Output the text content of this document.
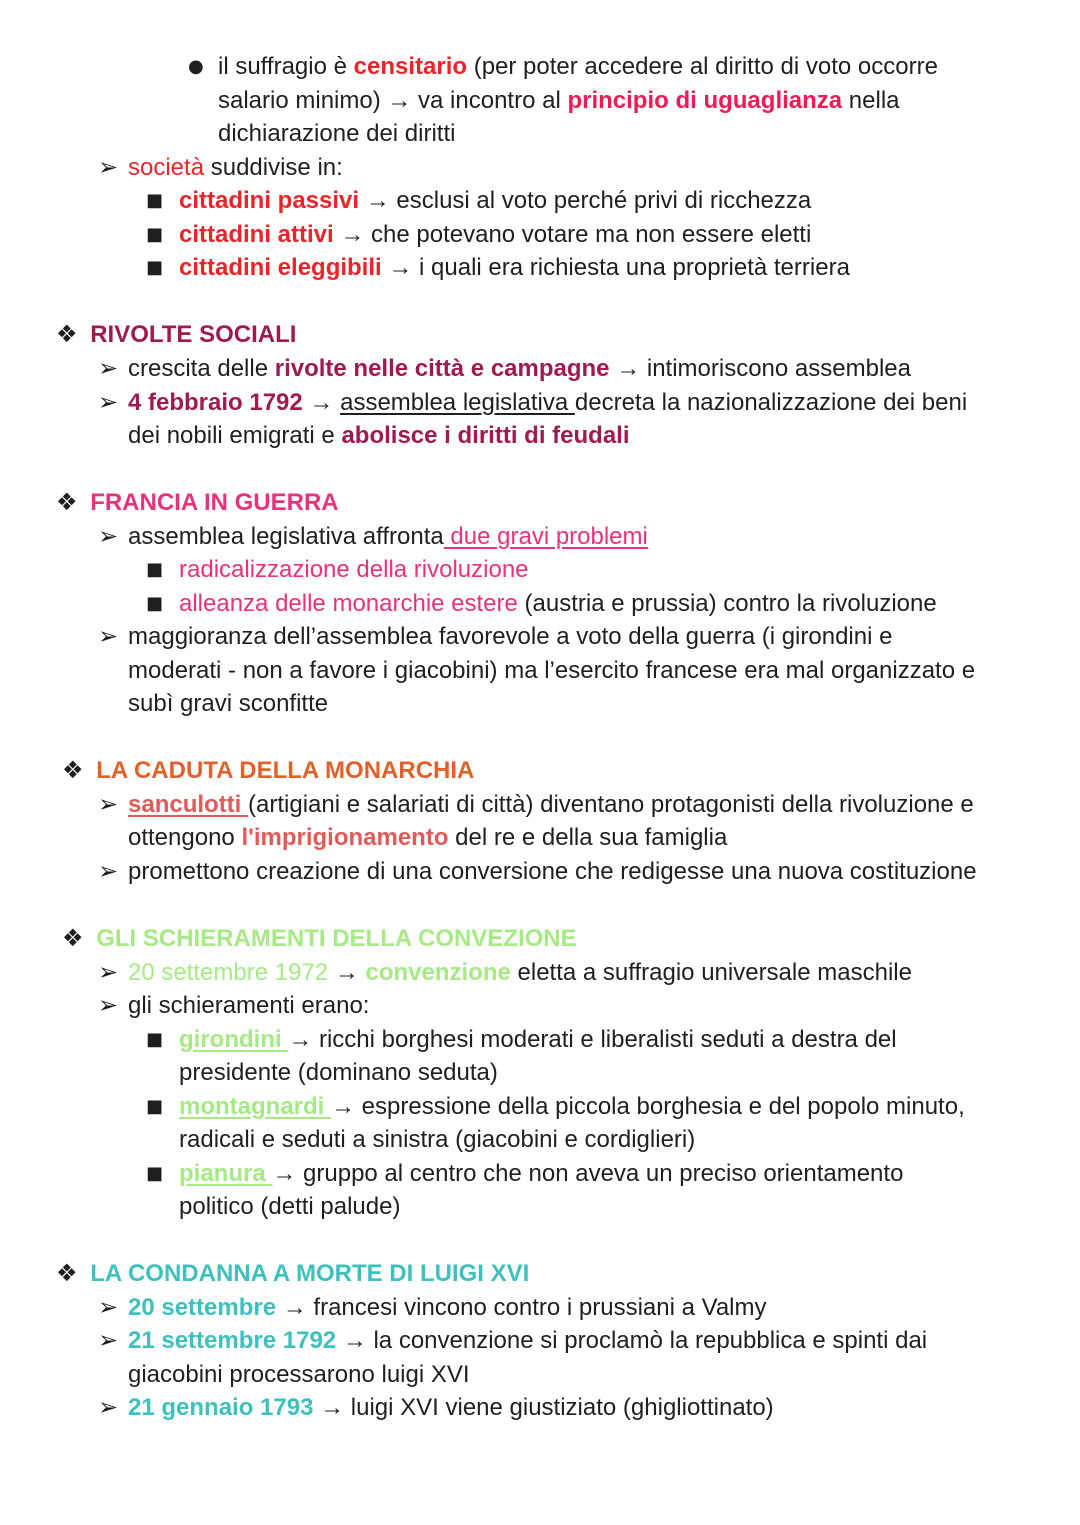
● il suffragio è censitario (per poter accedere al diritto di voto occorre
salario minimo) → va incontro al principio di uguaglianza nella
dichiarazione dei diritti
➢ società suddivise in:
■ cittadini passivi → esclusi al voto perché privi di ricchezza
■ cittadini attivi → che potevano votare ma non essere eletti
■ cittadini eleggibili → i quali era richiesta una proprietà terriera
❖ RIVOLTE SOCIALI
➢ crescita delle rivolte nelle città e campagne → intimoriscono assemblea
➢ 4 febbraio 1792 → assemblea legislativa decreta la nazionalizzazione dei beni
dei nobili emigrati e abolisce i diritti di feudali
❖ FRANCIA IN GUERRA
➢ assemblea legislativa affronta due gravi problemi
■ radicalizzazione della rivoluzione
■ alleanza delle monarchie estere (austria e prussia) contro la rivoluzione
➢ maggioranza dell’assemblea favorevole a voto della guerra (i girondini e
moderati - non a favore i giacobini) ma l’esercito francese era mal organizzato e
subì gravi sconfitte
❖ LA CADUTA DELLA MONARCHIA
➢ sanculotti (artigiani e salariati di città) diventano protagonisti della rivoluzione e
ottengono l'imprigionamento del re e della sua famiglia
➢ promettono creazione di una conversione che redigesse una nuova costituzione
❖ GLI SCHIERAMENTI DELLA CONVEZIONE
➢ 20 settembre 1972 → convenzione eletta a suffragio universale maschile
➢ gli schieramenti erano:
■ girondini → ricchi borghesi moderati e liberalisti seduti a destra del
presidente (dominano seduta)
■ montagnardi → espressione della piccola borghesia e del popolo minuto,
radicali e seduti a sinistra (giacobini e cordiglieri)
■ pianura → gruppo al centro che non aveva un preciso orientamento
politico (detti palude)
❖ LA CONDANNA A MORTE DI LUIGI XVI
➢ 20 settembre → francesi vincono contro i prussiani a Valmy
➢ 21 settembre 1792 → la convenzione si proclamò la repubblica e spinti dai
giacobini processarono luigi XVI
➢ 21 gennaio 1793 → luigi XVI viene giustiziato (ghigliottinato)
